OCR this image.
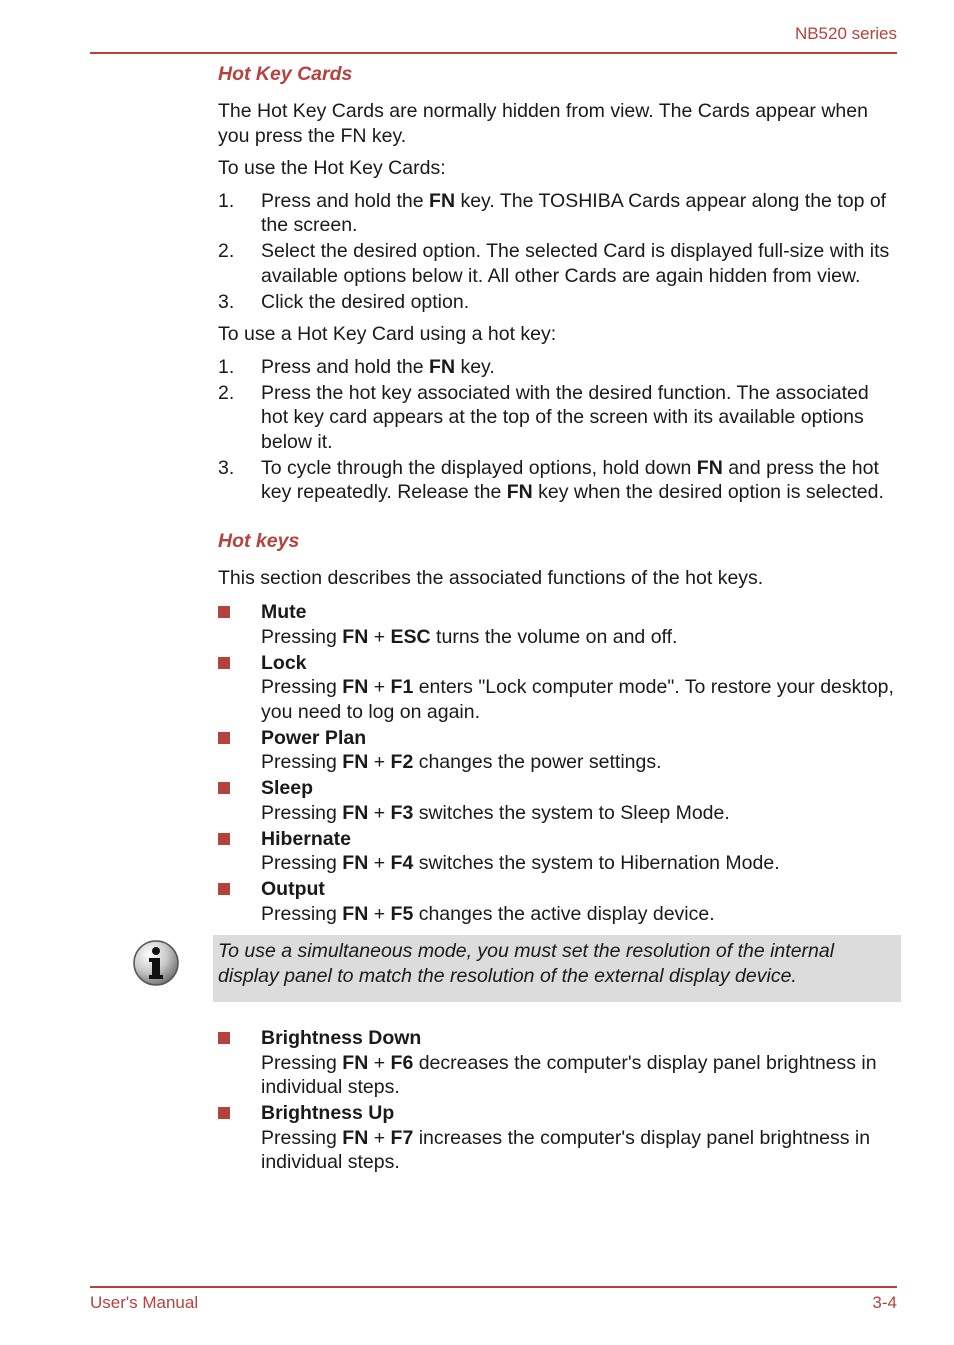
NB520 series
Hot Key Cards

The Hot Key Cards are normally hidden from view. The Cards appear when you press the FN key.

To use the Hot Key Cards:

1. Press and hold the FN key. The TOSHIBA Cards appear along the top of the screen.
2. Select the desired option. The selected Card is displayed full-size with its available options below it. All other Cards are again hidden from view.
3. Click the desired option.

To use a Hot Key Card using a hot key:

1. Press and hold the FN key.
2. Press the hot key associated with the desired function. The associated hot key card appears at the top of the screen with its available options below it.
3. To cycle through the displayed options, hold down FN and press the hot key repeatedly. Release the FN key when the desired option is selected.
Hot keys

This section describes the associated functions of the hot keys.

Mute
Pressing FN + ESC turns the volume on and off.
Lock
Pressing FN + F1 enters "Lock computer mode". To restore your desktop, you need to log on again.
Power Plan
Pressing FN + F2 changes the power settings.
Sleep
Pressing FN + F3 switches the system to Sleep Mode.
Hibernate
Pressing FN + F4 switches the system to Hibernation Mode.
Output
Pressing FN + F5 changes the active display device.
To use a simultaneous mode, you must set the resolution of the internal display panel to match the resolution of the external display device.
Brightness Down
Pressing FN + F6 decreases the computer's display panel brightness in individual steps.
Brightness Up
Pressing FN + F7 increases the computer's display panel brightness in individual steps.
User's Manual	3-4
